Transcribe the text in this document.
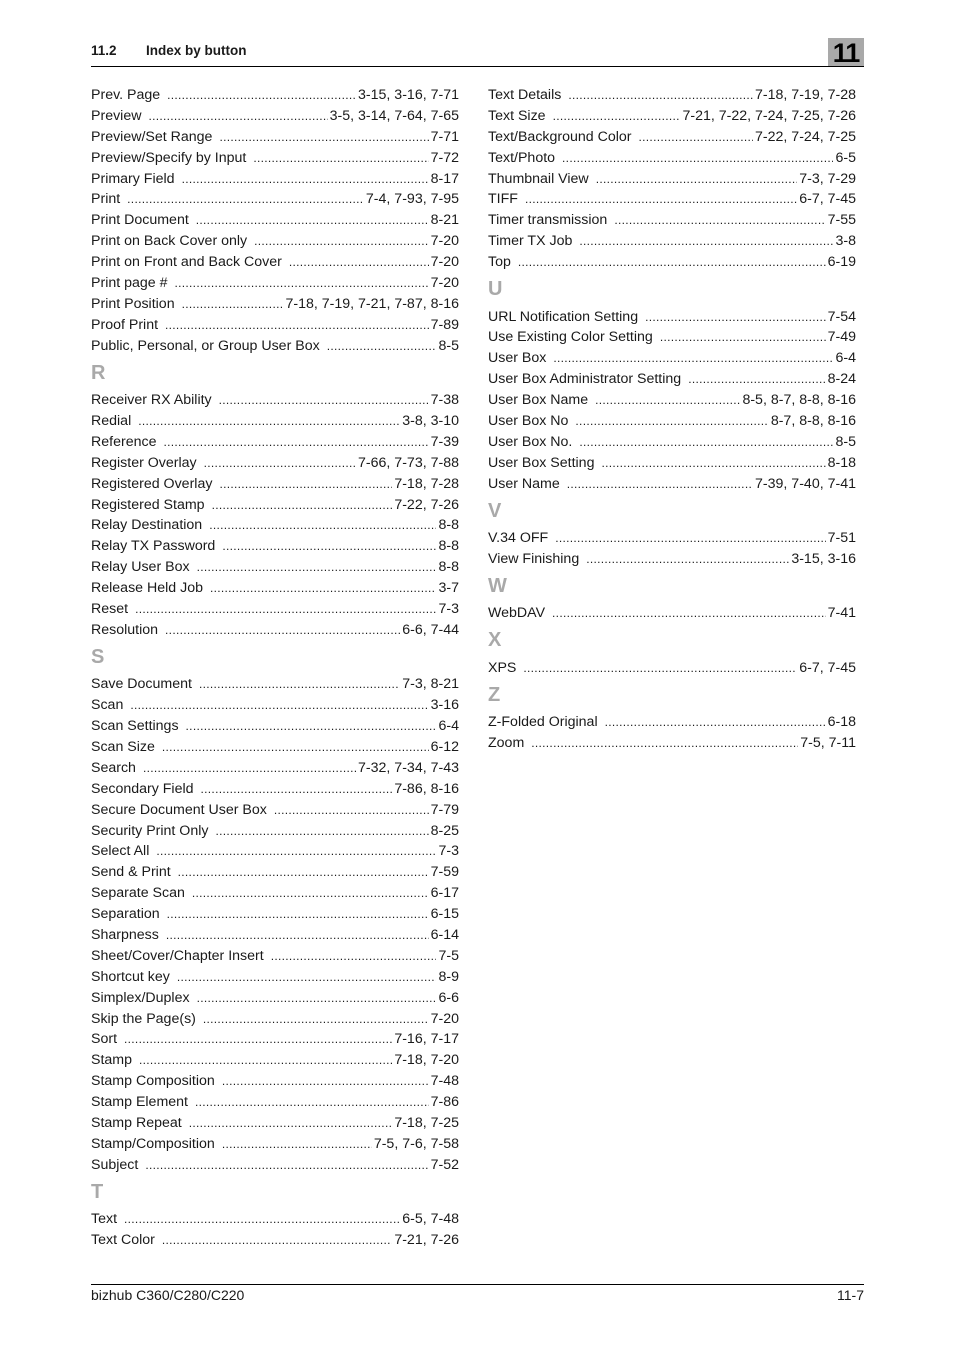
11.2 Index by button	11
Prev. Page .....	3-15, 3-16, 7-71
Preview .....	3-5, 3-14, 7-64, 7-65
Preview/Set Range .....	7-71
Preview/Specify by Input .....	7-72
Primary Field .....	8-17
Print .....	7-4, 7-93, 7-95
Print Document .....	8-21
Print on Back Cover only .....	7-20
Print on Front and Back Cover .....	7-20
Print page # .....	7-20
Print Position .....	7-18, 7-19, 7-21, 7-87, 8-16
Proof Print .....	7-89
Public, Personal, or Group User Box .....	8-5
R
Receiver RX Ability .....	7-38
Redial .....	3-8, 3-10
Reference .....	7-39
Register Overlay .....	7-66, 7-73, 7-88
Registered Overlay .....	7-18, 7-28
Registered Stamp .....	7-22, 7-26
Relay Destination .....	8-8
Relay TX Password .....	8-8
Relay User Box .....	8-8
Release Held Job .....	3-7
Reset .....	7-3
Resolution .....	6-6, 7-44
S
Save Document .....	7-3, 8-21
Scan .....	3-16
Scan Settings .....	6-4
Scan Size .....	6-12
Search .....	7-32, 7-34, 7-43
Secondary Field .....	7-86, 8-16
Secure Document User Box .....	7-79
Security Print Only .....	8-25
Select All .....	7-3
Send & Print .....	7-59
Separate Scan .....	6-17
Separation .....	6-15
Sharpness .....	6-14
Sheet/Cover/Chapter Insert .....	7-5
Shortcut key .....	8-9
Simplex/Duplex .....	6-6
Skip the Page(s) .....	7-20
Sort .....	7-16, 7-17
Stamp .....	7-18, 7-20
Stamp Composition .....	7-48
Stamp Element .....	7-86
Stamp Repeat .....	7-18, 7-25
Stamp/Composition .....	7-5, 7-6, 7-58
Subject .....	7-52
T
Text .....	6-5, 7-48
Text Color .....	7-21, 7-26
Text Details .....	7-18, 7-19, 7-28
Text Size .....	7-21, 7-22, 7-24, 7-25, 7-26
Text/Background Color .....	7-22, 7-24, 7-25
Text/Photo .....	6-5
Thumbnail View .....	7-3, 7-29
TIFF .....	6-7, 7-45
Timer transmission .....	7-55
Timer TX Job .....	3-8
Top .....	6-19
U
URL Notification Setting .....	7-54
Use Existing Color Setting .....	7-49
User Box .....	6-4
User Box Administrator Setting .....	8-24
User Box Name .....	8-5, 8-7, 8-8, 8-16
User Box No .....	8-7, 8-8, 8-16
User Box No. .....	8-5
User Box Setting .....	8-18
User Name .....	7-39, 7-40, 7-41
V
V.34 OFF .....	7-51
View Finishing .....	3-15, 3-16
W
WebDAV .....	7-41
X
XPS .....	6-7, 7-45
Z
Z-Folded Original .....	6-18
Zoom .....	7-5, 7-11
bizhub C360/C280/C220	11-7
